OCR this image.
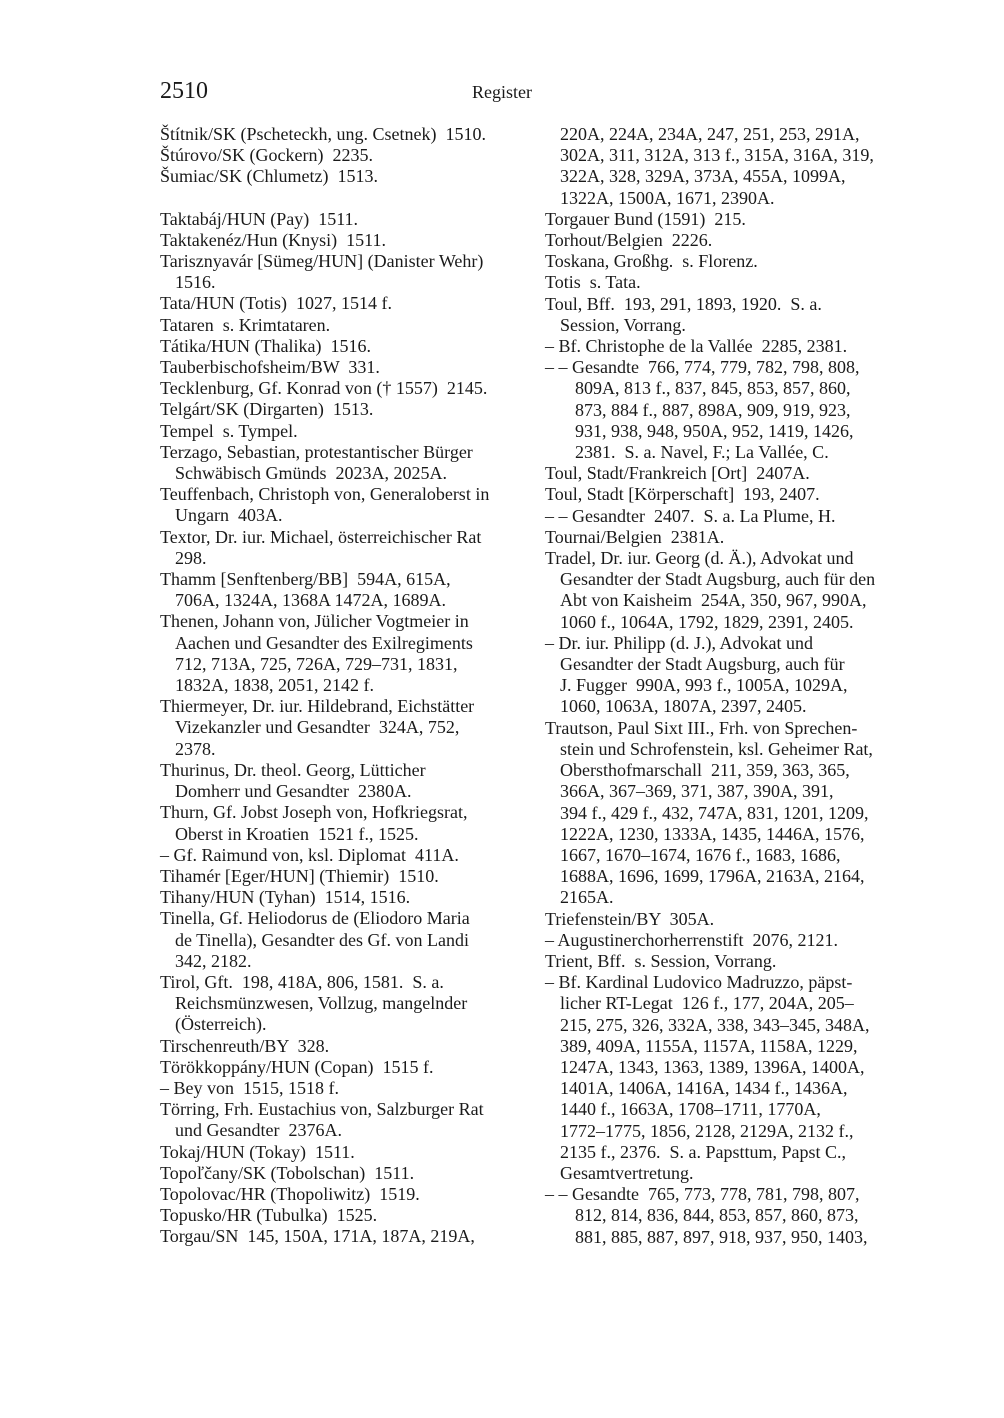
2510	Register
Štítnik/SK (Pscheteckh, ung. Csetnek)  1510.
Štúrovo/SK (Gockern)  2235.
Šumiac/SK (Chlumetz)  1513.
Taktabáj/HUN (Pay)  1511.
Taktakenéz/Hun (Knysi)  1511.
Tarisznyavár [Sümeg/HUN] (Danister Wehr)
1516.
Tata/HUN (Totis)  1027, 1514 f.
Tataren  s. Krimtataren.
Tátika/HUN (Thalika)  1516.
Tauberbischofsheim/BW  331.
Tecklenburg, Gf. Konrad von († 1557)  2145.
Telgárt/SK (Dirgarten)  1513.
Tempel  s. Tympel.
Terzago, Sebastian, protestantischer Bürger
Schwäbisch Gmünds  2023A, 2025A.
Teuffenbach, Christoph von, Generaloberst in
Ungarn  403A.
Textor, Dr. iur. Michael, österreichischer Rat
298.
Thamm [Senftenberg/BB]  594A, 615A,
706A, 1324A, 1368A 1472A, 1689A.
Thenen, Johann von, Jülicher Vogtmeier in
Aachen und Gesandter des Exilregiments
712, 713A, 725, 726A, 729–731, 1831,
1832A, 1838, 2051, 2142 f.
Thiermeyer, Dr. iur. Hildebrand, Eichstätter
Vizekanzler und Gesandter  324A, 752,
2378.
Thurinus, Dr. theol. Georg, Lütticher
Domherr und Gesandter  2380A.
Thurn, Gf. Jobst Joseph von, Hofkriegsrat,
Oberst in Kroatien  1521 f., 1525.
– Gf. Raimund von, ksl. Diplomat  411A.
Tihamér [Eger/HUN] (Thiemir)  1510.
Tihany/HUN (Tyhan)  1514, 1516.
Tinella, Gf. Heliodorus de (Eliodoro Maria
de Tinella), Gesandter des Gf. von Landi
342, 2182.
Tirol, Gft.  198, 418A, 806, 1581.  S. a.
Reichsmünzwesen, Vollzug, mangelnder
(Österreich).
Tirschenreuth/BY  328.
Törökkoppány/HUN (Copan)  1515 f.
– Bey von  1515, 1518 f.
Törring, Frh. Eustachius von, Salzburger Rat
und Gesandter  2376A.
Tokaj/HUN (Tokay)  1511.
Topoľčany/SK (Tobolschan)  1511.
Topolovac/HR (Thopoliwitz)  1519.
Topusko/HR (Tubulka)  1525.
Torgau/SN  145, 150A, 171A, 187A, 219A,
220A, 224A, 234A, 247, 251, 253, 291A,
302A, 311, 312A, 313 f., 315A, 316A, 319,
322A, 328, 329A, 373A, 455A, 1099A,
1322A, 1500A, 1671, 2390A.
Torgauer Bund (1591)  215.
Torhout/Belgien  2226.
Toskana, Großhg.  s. Florenz.
Totis  s. Tata.
Toul, Bff.  193, 291, 1893, 1920.  S. a.
Session, Vorrang.
– Bf. Christophe de la Vallée  2285, 2381.
– – Gesandte  766, 774, 779, 782, 798, 808,
809A, 813 f., 837, 845, 853, 857, 860,
873, 884 f., 887, 898A, 909, 919, 923,
931, 938, 948, 950A, 952, 1419, 1426,
2381.  S. a. Navel, F.; La Vallée, C.
Toul, Stadt/Frankreich [Ort]  2407A.
Toul, Stadt [Körperschaft]  193, 2407.
– – Gesandter  2407.  S. a. La Plume, H.
Tournai/Belgien  2381A.
Tradel, Dr. iur. Georg (d. Ä.), Advokat und
Gesandter der Stadt Augsburg, auch für den
Abt von Kaisheim  254A, 350, 967, 990A,
1060 f., 1064A, 1792, 1829, 2391, 2405.
– Dr. iur. Philipp (d. J.), Advokat und
Gesandter der Stadt Augsburg, auch für
J. Fugger  990A, 993 f., 1005A, 1029A,
1060, 1063A, 1807A, 2397, 2405.
Trautson, Paul Sixt III., Frh. von Sprechen-
stein und Schrofenstein, ksl. Geheimer Rat,
Obersthofmarschall  211, 359, 363, 365,
366A, 367–369, 371, 387, 390A, 391,
394 f., 429 f., 432, 747A, 831, 1201, 1209,
1222A, 1230, 1333A, 1435, 1446A, 1576,
1667, 1670–1674, 1676 f., 1683, 1686,
1688A, 1696, 1699, 1796A, 2163A, 2164,
2165A.
Triefenstein/BY  305A.
– Augustinerchorherrenstift  2076, 2121.
Trient, Bff.  s. Session, Vorrang.
– Bf. Kardinal Ludovico Madruzzo, päpst-
licher RT-Legat  126 f., 177, 204A, 205–
215, 275, 326, 332A, 338, 343–345, 348A,
389, 409A, 1155A, 1157A, 1158A, 1229,
1247A, 1343, 1363, 1389, 1396A, 1400A,
1401A, 1406A, 1416A, 1434 f., 1436A,
1440 f., 1663A, 1708–1711, 1770A,
1772–1775, 1856, 2128, 2129A, 2132 f.,
2135 f., 2376.  S. a. Papsttum, Papst C.,
Gesamtvertretung.
– – Gesandte  765, 773, 778, 781, 798, 807,
812, 814, 836, 844, 853, 857, 860, 873,
881, 885, 887, 897, 918, 937, 950, 1403,
